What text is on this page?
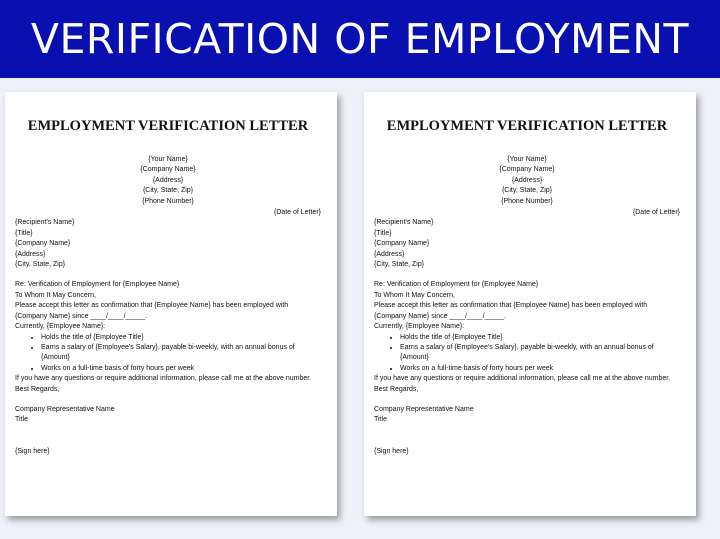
VERIFICATION OF EMPLOYMENT
EMPLOYMENT VERIFICATION LETTER
{Your Name}
{Company Name}
{Address}
{City, State, Zip}
{Phone Number}
{Date of Letter}
{Recipient's Name}
{Title}
{Company Name}
{Address}
{City, State, Zip}
Re: Verification of Employment for {Employee Name}
To Whom It May Concern,
Please accept this letter as confirmation that {Employee Name} has been employed with
{Company Name} since ____/____/_____.
Currently, {Employee Name}:
• Holds the title of {Employee Title}
• Earns a salary of {Employee's Salary}, payable bi-weekly, with an annual bonus of {Amount}
• Works on a full-time basis of forty hours per week
If you have any questions or require additional information, please call me at the above number.
Best Regards,
Company Representative Name
Title
{Sign here}
EMPLOYMENT VERIFICATION LETTER
{Your Name}
{Company Name}
{Address}
{City, State, Zip}
{Phone Number}
{Date of Letter}
{Recipient's Name}
{Title}
{Company Name}
{Address}
{City, State, Zip}
Re: Verification of Employment for {Employee Name}
To Whom It May Concern,
Please accept this letter as confirmation that {Employee Name} has been employed with
{Company Name} since ____/____/_____.
Currently, {Employee Name}:
• Holds the title of {Employee Title}
• Earns a salary of {Employee's Salary}, payable bi-weekly, with an annual bonus of {Amount}
• Works on a full-time basis of forty hours per week
If you have any questions or require additional information, please call me at the above number.
Best Regards,
Company Representative Name
Title
{Sign here}
